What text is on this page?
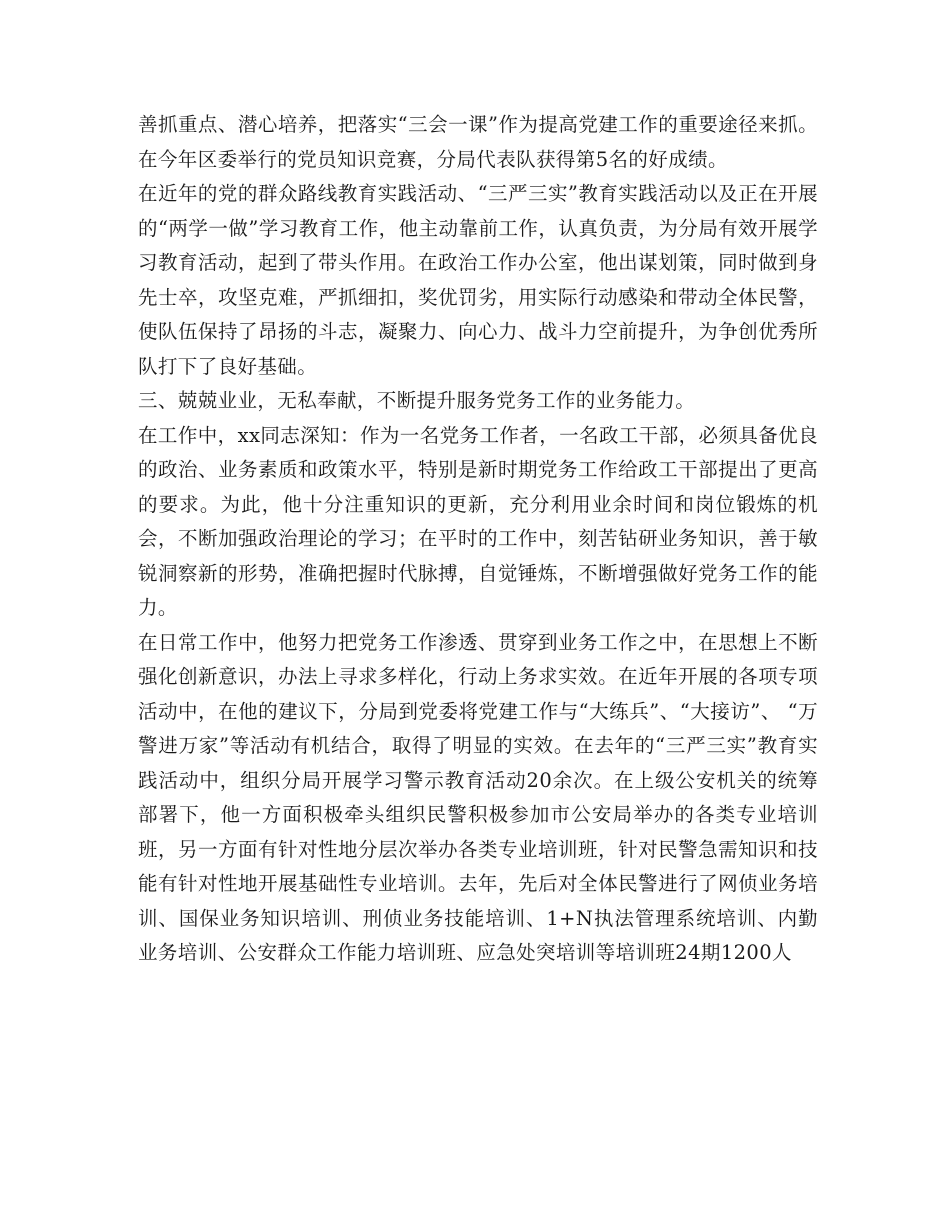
善抓重点、潜心培养，把落实“三会一课”作为提高党建工作的重要途径来抓。在今年区委举行的党员知识竞赛，分局代表队获得第5名的好成绩。

在近年的党的群众路线教育实践活动、“三严三实”教育实践活动以及正在开展的“两学一做”学习教育工作，他主动靠前工作，认真负责，为分局有效开展学习教育活动，起到了带头作用。在政治工作办公室，他出谋划策，同时做到身先士卒，攻坚克难，严抓细扣，奖优罚劣，用实际行动感染和带动全体民警，使队伍保持了昂扬的斗志，凝聚力、向心力、战斗力空前提升，为争创优秀所队打下了良好基础。

三、兢兢业业，无私奉献，不断提升服务党务工作的业务能力。

在工作中，xx同志深知：作为一名党务工作者，一名政工干部，必须具备优良的政治、业务素质和政策水平，特别是新时期党务工作给政工干部提出了更高的要求。为此，他十分注重知识的更新，充分利用业余时间和岗位锻炼的机会，不断加强政治理论的学习；在平时的工作中，刻苦钻研业务知识，善于敏锐洞察新的形势，准确把握时代脉搏，自觉锤炼，不断增强做好党务工作的能力。

在日常工作中，他努力把党务工作渗透、贯穿到业务工作之中，在思想上不断强化创新意识，办法上寻求多样化，行动上务求实效。在近年开展的各项专项活动中，在他的建议下，分局到党委将党建工作与“大练兵”、“大接访”、 “万警进万家”等活动有机结合，取得了明显的实效。在去年的“三严三实”教育实践活动中，组织分局开展学习警示教育活动20余次。在上级公安机关的统筹部署下，他一方面积极牵头组织民警积极参加市公安局举办的各类专业培训班，另一方面有针对性地分层次举办各类专业培训班，针对民警急需知识和技能有针对性地开展基础性专业培训。去年，先后对全体民警进行了网侦业务培训、国保业务知识培训、刑侦业务技能培训、1+N执法管理系统培训、内勤业务培训、公安群众工作能力培训班、应急处突培训等培训班24期1200人
